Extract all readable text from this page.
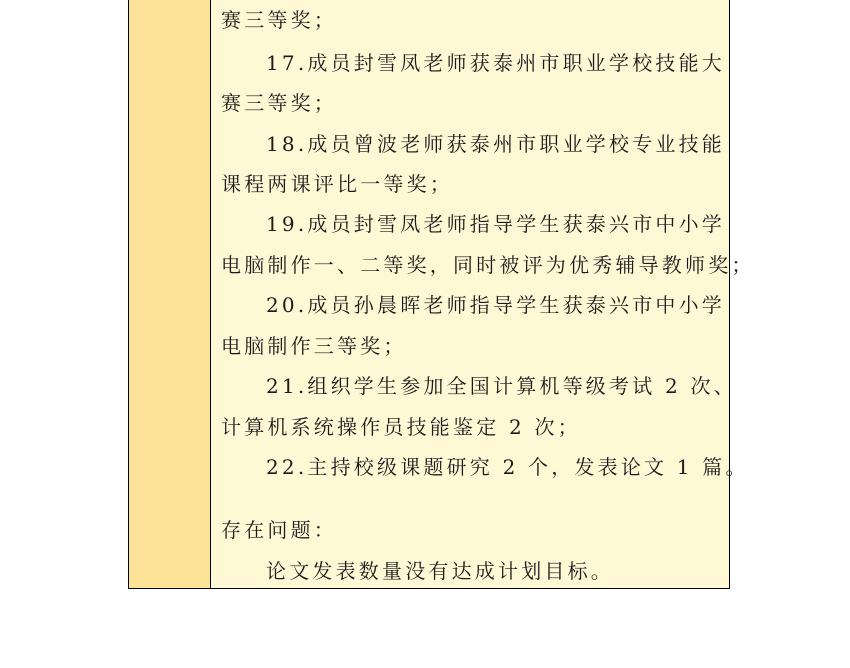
赛三等奖；
17.成员封雪凤老师获泰州市职业学校技能大
赛三等奖；
18.成员曾波老师获泰州市职业学校专业技能
课程两课评比一等奖；
19.成员封雪凤老师指导学生获泰兴市中小学
电脑制作一、二等奖，同时被评为优秀辅导教师奖；
20.成员孙晨晖老师指导学生获泰兴市中小学
电脑制作三等奖；
21.组织学生参加全国计算机等级考试 2 次、
计算机系统操作员技能鉴定 2 次；
22.主持校级课题研究 2 个，发表论文 1 篇。
存在问题：
论文发表数量没有达成计划目标。
